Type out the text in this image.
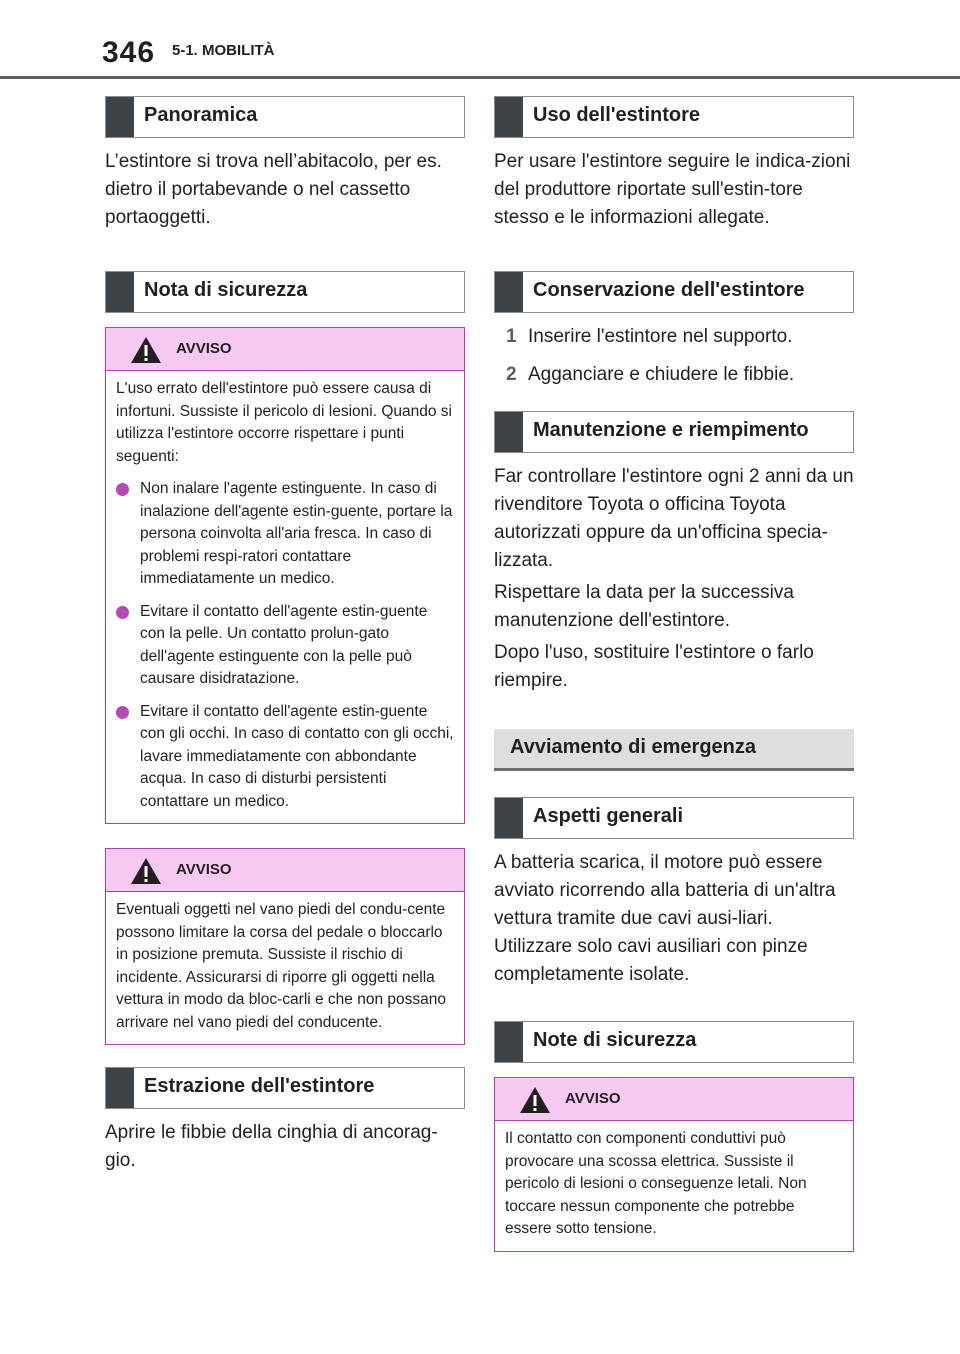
346 5-1. MOBILITÀ
Panoramica

L’estintore si trova nell’abitacolo, per es. dietro il portabevande o nel cassetto portaoggetti.

Nota di sicurezza
AVVISO

L'uso errato dell'estintore può essere causa di infortuni. Sussiste il pericolo di lesioni. Quando si utilizza l'estintore occorre rispettare i punti seguenti:

Non inalare l'agente estinguente. In caso di inalazione dell'agente estin-guente, portare la persona coinvolta all'aria fresca. In caso di problemi respi-ratori contattare immediatamente un medico.
Evitare il contatto dell'agente estin-guente con la pelle. Un contatto prolun-gato dell'agente estinguente con la pelle può causare disidratazione.
Evitare il contatto dell'agente estin-guente con gli occhi. In caso di contatto con gli occhi, lavare immediatamente con abbondante acqua. In caso di disturbi persistenti contattare un medico.
AVVISO

Eventuali oggetti nel vano piedi del condu-cente possono limitare la corsa del pedale o bloccarlo in posizione premuta. Sussiste il rischio di incidente. Assicurarsi di riporre gli oggetti nella vettura in modo da bloc-carli e che non possano arrivare nel vano piedi del conducente.

Estrazione dell'estintore

Aprire le fibbie della cinghia di ancorag-gio.

Uso dell'estintore

Per usare l'estintore seguire le indica-zioni del produttore riportate sull'estin-tore stesso e le informazioni allegate.

Conservazione dell'estintore
1 Inserire l'estintore nel supporto.
2 Agganciare e chiudere le fibbie.
Manutenzione e riempimento

Far controllare l'estintore ogni 2 anni da un rivenditore Toyota o officina Toyota autorizzati oppure da un'officina specia-lizzata.

Rispettare la data per la successiva manutenzione dell'estintore.

Dopo l'uso, sostituire l'estintore o farlo riempire.

Avviamento di emergenza
Aspetti generali

A batteria scarica, il motore può essere avviato ricorrendo alla batteria di un'altra vettura tramite due cavi ausi-liari. Utilizzare solo cavi ausiliari con pinze completamente isolate.

Note di sicurezza
AVVISO

Il contatto con componenti conduttivi può provocare una scossa elettrica. Sussiste il pericolo di lesioni o conseguenze letali. Non toccare nessun componente che potrebbe essere sotto tensione.
